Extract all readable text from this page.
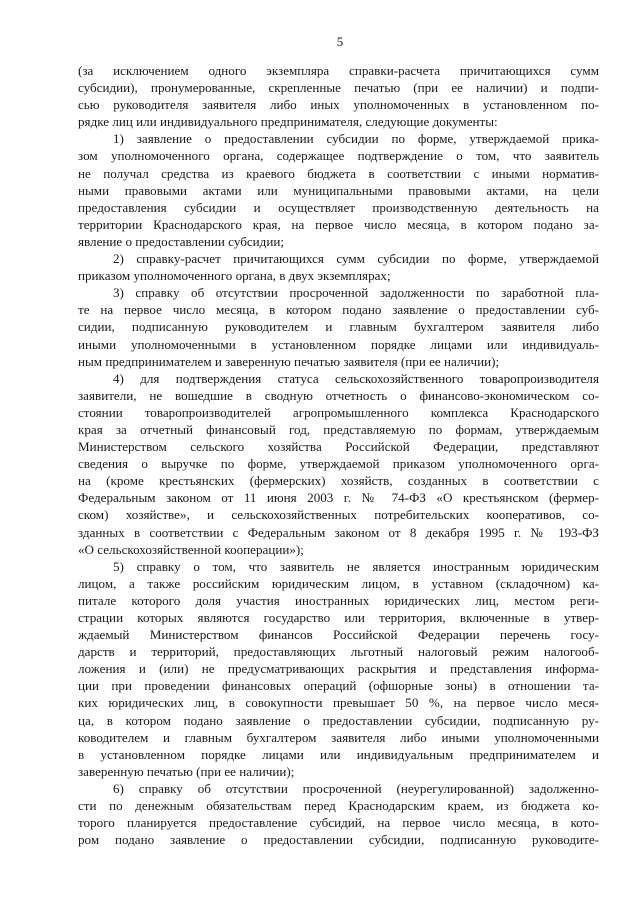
5
(за исключением одного экземпляра справки-расчета причитающихся сумм
субсидии), пронумерованные, скрепленные печатью (при ее наличии) и подпи-
сью руководителя заявителя либо иных уполномоченных в установленном по-
рядке лиц или индивидуального предпринимателя, следующие документы:
1) заявление о предоставлении субсидии по форме, утверждаемой прика-
зом уполномоченного органа, содержащее подтверждение о том, что заявитель
не получал средства из краевого бюджета в соответствии с иными норматив-
ными правовыми актами или муниципальными правовыми актами, на цели
предоставления субсидии и осуществляет производственную деятельность на
территории Краснодарского края, на первое число месяца, в котором подано за-
явление о предоставлении субсидии;
2) справку-расчет причитающихся сумм субсидии по форме, утверждаемой
приказом уполномоченного органа, в двух экземплярах;
3) справку об отсутствии просроченной задолженности по заработной пла-
те на первое число месяца, в котором подано заявление о предоставлении суб-
сидии, подписанную руководителем и главным бухгалтером заявителя либо
иными уполномоченными в установленном порядке лицами или индивидуаль-
ным предпринимателем и заверенную печатью заявителя (при ее наличии);
4) для подтверждения статуса сельскохозяйственного товаропроизводителя
заявители, не вошедшие в сводную отчетность о финансово-экономическом со-
стоянии товаропроизводителей агропромышленного комплекса Краснодарского
края за отчетный финансовый год, представляемую по формам, утверждаемым
Министерством сельского хозяйства Российской Федерации, представляют
сведения о выручке по форме, утверждаемой приказом уполномоченного орга-
на (кроме крестьянских (фермерских) хозяйств, созданных в соответствии с
Федеральным законом от 11 июня 2003 г. № 74-ФЗ «О крестьянском (фермер-
ском) хозяйстве», и сельскохозяйственных потребительских кооперативов, со-
зданных в соответствии с Федеральным законом от 8 декабря 1995 г. № 193-ФЗ
«О сельскохозяйственной кооперации»);
5) справку о том, что заявитель не является иностранным юридическим
лицом, а также российским юридическим лицом, в уставном (складочном) ка-
питале которого доля участия иностранных юридических лиц, местом реги-
страции которых являются государство или территория, включенные в утвер-
ждаемый Министерством финансов Российской Федерации перечень госу-
дарств и территорий, предоставляющих льготный налоговый режим налогооб-
ложения и (или) не предусматривающих раскрытия и представления информа-
ции при проведении финансовых операций (офшорные зоны) в отношении та-
ких юридических лиц, в совокупности превышает 50 %, на первое число меся-
ца, в котором подано заявление о предоставлении субсидии, подписанную ру-
ководителем и главным бухгалтером заявителя либо иными уполномоченными
в установленном порядке лицами или индивидуальным предпринимателем и
заверенную печатью (при ее наличии);
6) справку об отсутствии просроченной (неурегулированной) задолженно-
сти по денежным обязательствам перед Краснодарским краем, из бюджета ко-
торого планируется предоставление субсидий, на первое число месяца, в кото-
ром подано заявление о предоставлении субсидии, подписанную руководите-
